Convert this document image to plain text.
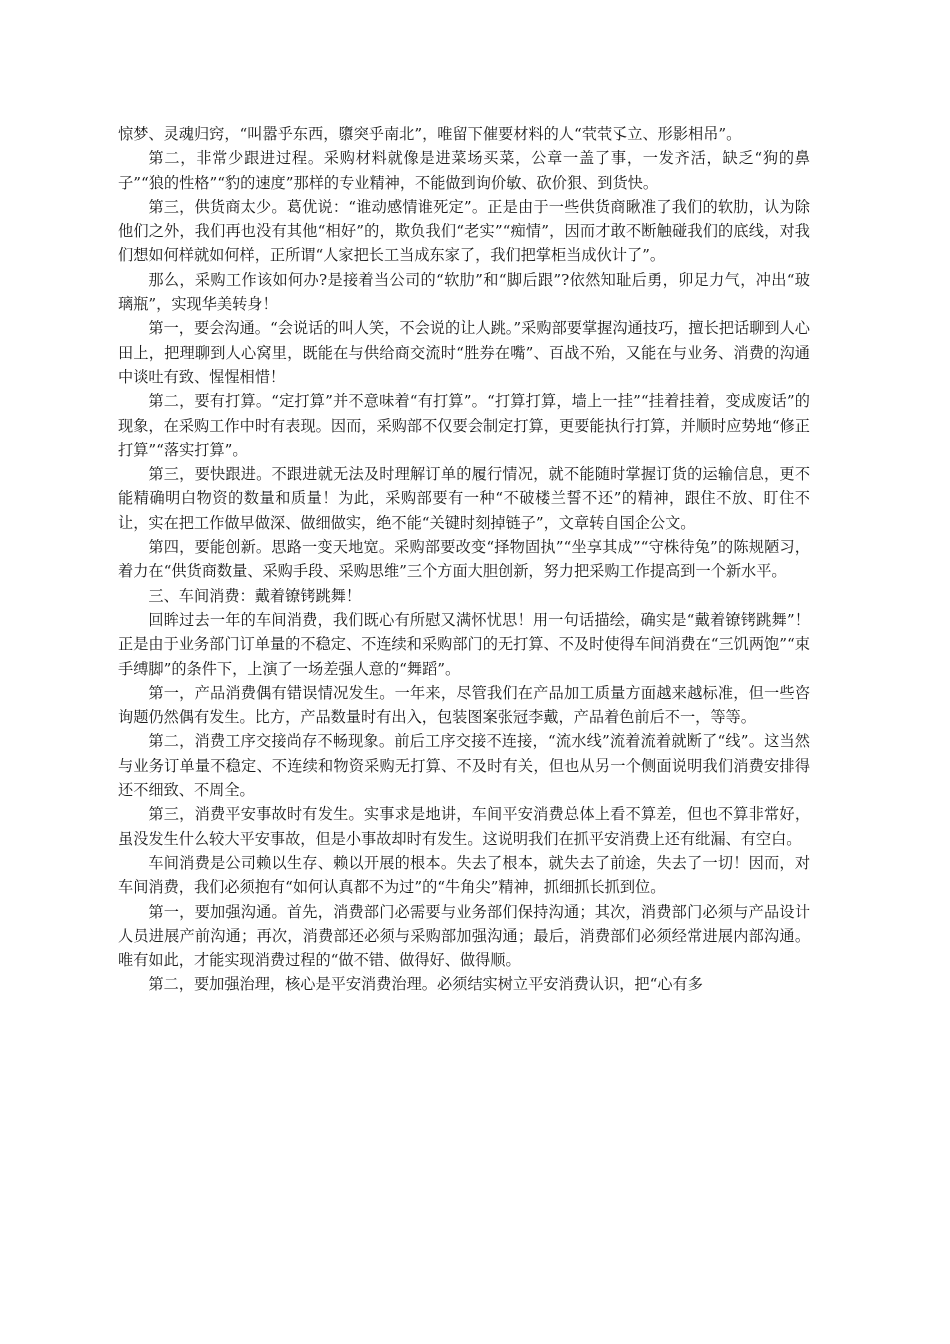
惊梦、灵魂归窍，“叫嚣乎东西，隳突乎南北”，唯留下催要材料的人“茕茕孓立、形影相吊”。

第二，非常少跟进过程。采购材料就像是进菜场买菜，公章一盖了事，一发齐活，缺乏“狗的鼻子”“狼的性格”“豹的速度”那样的专业精神，不能做到询价敏、砍价狠、到货快。

第三，供货商太少。葛优说：“谁动感情谁死定”。正是由于一些供货商瞅准了我们的软肋，认为除他们之外，我们再也没有其他“相好”的，欺负我们“老实”“痴情”，因而才敢不断触碰我们的底线，对我们想如何样就如何样，正所谓“人家把长工当成东家了，我们把掌柜当成伙计了”。

那么，采购工作该如何办?是接着当公司的“软肋”和“脚后跟”?依然知耻后勇，卯足力气，冲出“玻璃瓶”，实现华美转身！

第一，要会沟通。“会说话的叫人笑，不会说的让人跳。”采购部要掌握沟通技巧，擅长把话聊到人心田上，把理聊到人心窝里，既能在与供给商交流时“胜券在嘴”、百战不殆，又能在与业务、消费的沟通中谈吐有致、惺惺相惜！

第二，要有打算。“定打算”并不意味着“有打算”。“打算打算，墙上一挂”“挂着挂着，变成废话”的现象，在采购工作中时有表现。因而，采购部不仅要会制定打算，更要能执行打算，并顺时应势地“修正打算”“落实打算”。

第三，要快跟进。不跟进就无法及时理解订单的履行情况，就不能随时掌握订货的运输信息，更不能精确明白物资的数量和质量！为此，采购部要有一种“不破楼兰誓不还”的精神，跟住不放、盯住不让，实在把工作做早做深、做细做实，绝不能“关键时刻掉链子”，文章转自国企公文。

第四，要能创新。思路一变天地宽。采购部要改变“择物固执”“坐享其成”“守株待兔”的陈规陋习，着力在“供货商数量、采购手段、采购思维”三个方面大胆创新，努力把采购工作提高到一个新水平。

三、车间消费：戴着镣铐跳舞！

回眸过去一年的车间消费，我们既心有所慰又满怀忧思！用一句话描绘，确实是“戴着镣铐跳舞”！正是由于业务部门订单量的不稳定、不连续和采购部门的无打算、不及时使得车间消费在“三饥两饱”“束手缚脚”的条件下，上演了一场差强人意的“舞蹈”。

第一，产品消费偶有错误情况发生。一年来，尽管我们在产品加工质量方面越来越标准，但一些咨询题仍然偶有发生。比方，产品数量时有出入，包装图案张冠李戴，产品着色前后不一，等等。

第二，消费工序交接尚存不畅现象。前后工序交接不连接，“流水线”流着流着就断了“线”。这当然与业务订单量不稳定、不连续和物资采购无打算、不及时有关，但也从另一个侧面说明我们消费安排得还不细致、不周全。

第三，消费平安事故时有发生。实事求是地讲，车间平安消费总体上看不算差，但也不算非常好，虽没发生什么较大平安事故，但是小事故却时有发生。这说明我们在抓平安消费上还有纰漏、有空白。

车间消费是公司赖以生存、赖以开展的根本。失去了根本，就失去了前途，失去了一切！因而，对车间消费，我们必须抱有“如何认真都不为过”的“牛角尖”精神，抓细抓长抓到位。

第一，要加强沟通。首先，消费部门必需要与业务部们保持沟通；其次，消费部门必须与产品设计人员进展产前沟通；再次，消费部还必须与采购部加强沟通；最后，消费部们必须经常进展内部沟通。唯有如此，才能实现消费过程的“做不错、做得好、做得顺。

第二，要加强治理，核心是平安消费治理。必须结实树立平安消费认识，把“心有多
